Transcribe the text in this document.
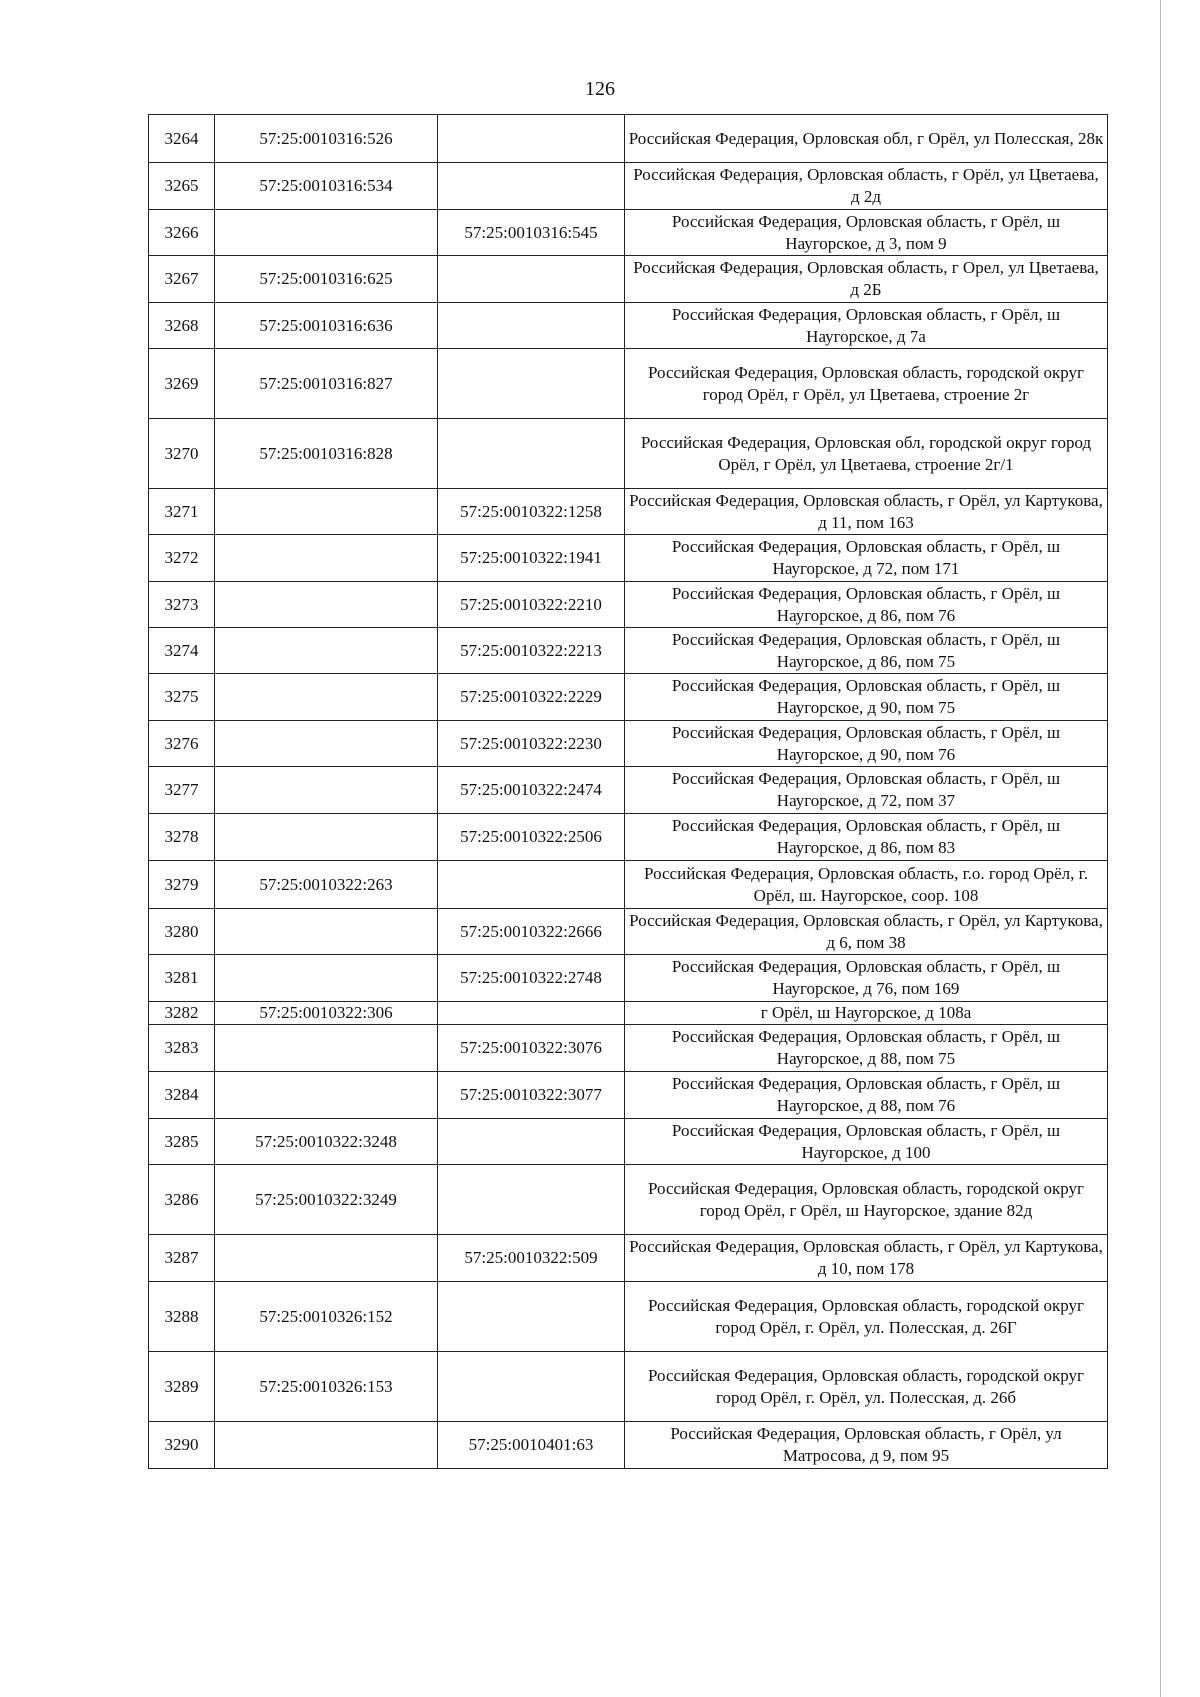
126
3264	57:25:0010316:526		Российская Федерация, Орловская обл, г Орёл, ул Полесская, 28к
3265	57:25:0010316:534		Российская Федерация, Орловская область, г Орёл, ул Цветаева, д 2д
3266		57:25:0010316:545	Российская Федерация, Орловская область, г Орёл, ш Наугорское, д 3, пом 9
3267	57:25:0010316:625		Российская Федерация, Орловская область, г Орел, ул Цветаева, д 2Б
3268	57:25:0010316:636		Российская Федерация, Орловская область, г Орёл, ш Наугорское, д 7а
3269	57:25:0010316:827		Российская Федерация, Орловская область, городской округ город Орёл, г Орёл, ул Цветаева, строение 2г
3270	57:25:0010316:828		Российская Федерация, Орловская обл, городской округ город Орёл, г Орёл, ул Цветаева, строение 2г/1
3271		57:25:0010322:1258	Российская Федерация, Орловская область, г Орёл, ул Картукова, д 11, пом 163
3272		57:25:0010322:1941	Российская Федерация, Орловская область, г Орёл, ш Наугорское, д 72, пом 171
3273		57:25:0010322:2210	Российская Федерация, Орловская область, г Орёл, ш Наугорское, д 86, пом 76
3274		57:25:0010322:2213	Российская Федерация, Орловская область, г Орёл, ш Наугорское, д 86, пом 75
3275		57:25:0010322:2229	Российская Федерация, Орловская область, г Орёл, ш Наугорское, д 90, пом 75
3276		57:25:0010322:2230	Российская Федерация, Орловская область, г Орёл, ш Наугорское, д 90, пом 76
3277		57:25:0010322:2474	Российская Федерация, Орловская область, г Орёл, ш Наугорское, д 72, пом 37
3278		57:25:0010322:2506	Российская Федерация, Орловская область, г Орёл, ш Наугорское, д 86, пом 83
3279	57:25:0010322:263		Российская Федерация, Орловская область, г.о. город Орёл, г. Орёл, ш. Наугорское, соор. 108
3280		57:25:0010322:2666	Российская Федерация, Орловская область, г Орёл, ул Картукова, д 6, пом 38
3281		57:25:0010322:2748	Российская Федерация, Орловская область, г Орёл, ш Наугорское, д 76, пом 169
3282	57:25:0010322:306		г Орёл, ш Наугорское, д 108а
3283		57:25:0010322:3076	Российская Федерация, Орловская область, г Орёл, ш Наугорское, д 88, пом 75
3284		57:25:0010322:3077	Российская Федерация, Орловская область, г Орёл, ш Наугорское, д 88, пом 76
3285	57:25:0010322:3248		Российская Федерация, Орловская область, г Орёл, ш Наугорское, д 100
3286	57:25:0010322:3249		Российская Федерация, Орловская область, городской округ город Орёл, г Орёл, ш Наугорское, здание 82д
3287		57:25:0010322:509	Российская Федерация, Орловская область, г Орёл, ул Картукова, д 10, пом 178
3288	57:25:0010326:152		Российская Федерация, Орловская область, городской округ город Орёл, г. Орёл, ул. Полесская, д. 26Г
3289	57:25:0010326:153		Российская Федерация, Орловская область, городской округ город Орёл, г. Орёл, ул. Полесская, д. 26б
3290		57:25:0010401:63	Российская Федерация, Орловская область, г Орёл, ул Матросова, д 9, пом 95
